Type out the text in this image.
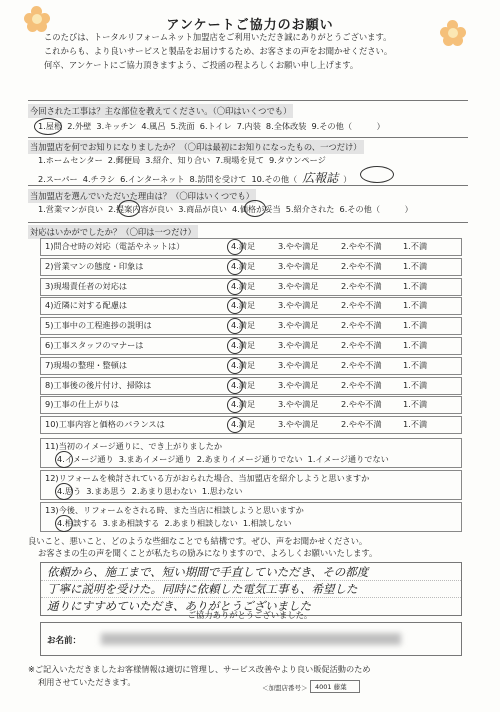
アンケートご協力のお願い
このたびは、トータルリフォームネット加盟店をご利用いただき誠にありがとうございます。
これからも、より良いサービスと製品をお届けするため、お客さまの声をお聞かせください。
何卒、アンケートにご協力頂きますよう、ご投函の程よろしくお願い申し上げます。
今回された工事は？主な部位を教えてください。（〇印はいくつでも）
1.屋根 2.外壁 3.キッチン 4.風呂 5.洗面 6.トイレ 7.内装 8.全体改装 9.その他（　　　）
当加盟店を何でお知りになりましたか？（〇印は最初にお知りになったもの、一つだけ）
1.ホームセンター 2.郵便局 3.紹介、知り合い 7.現場を見て 9.タウンページ
2.スーパー 4.チラシ 6.インターネット 8.訪問を受けて 10.その他（ 広報誌 ）
当加盟店を選んでいただいた理由は？（〇印はいくつでも）
1.営業マンが良い 2.提案内容が良い 3.商品が良い 4.価格が妥当 5.紹介された 6.その他（　　　）
対応はいかがでしたか？（〇印は一つだけ）
1)問合せ時の対応（電話やネットは）	4.満足	3.やや満足	2.やや不満	1.不満
2)営業マンの態度・印象は	4.満足	3.やや満足	2.やや不満	1.不満
3)現場責任者の対応は	4.満足	3.やや満足	2.やや不満	1.不満
4)近隣に対する配慮は	4.満足	3.やや満足	2.やや不満	1.不満
5)工事中の工程進捗の説明は	4.満足	3.やや満足	2.やや不満	1.不満
6)工事スタッフのマナーは	4.満足	3.やや満足	2.やや不満	1.不満
7)現場の整理・整頓は	4.満足	3.やや満足	2.やや不満	1.不満
8)工事後の後片付け、掃除は	4.満足	3.やや満足	2.やや不満	1.不満
9)工事の仕上がりは	4.満足	3.やや満足	2.やや不満	1.不満
10)工事内容と価格のバランスは	4.満足	3.やや満足	2.やや不満	1.不満
11)当初のイメージ通りに、でき上がりましたか
4.イメージ通り 3.まあイメージ通り 2.あまりイメージ通りでない 1.イメージ通りでない
12)リフォームを検討されている方がおられた場合、当加盟店を紹介しようと思いますか
4.思う 3.まあ思う 2.あまり思わない 1.思わない
13)今後、リフォームをされる時、また当店に相談しようと思いますか
4.相談する 3.まあ相談する 2.あまり相談しない 1.相談しない
良いこと、悪いこと、どのような些細なことでも結構です。ぜひ、声をお聞かせください。
お客さまの生の声を聞くことが私たちの励みになりますので、よろしくお願いいたします。
依頼から、施工まで、短い期間で手直していただき、その都度
丁寧に説明を受けた。同時に依頼した電気工事も、希望した
通りにすすめていただき、ありがとうございました
ご協力ありがとうございました。
お名前：
※ご記入いただきましたお客様情報は適切に管理し、サービス改善やより良い販促活動のため
利用させていただきます。
＜加盟店番号＞	4001 藤葉
